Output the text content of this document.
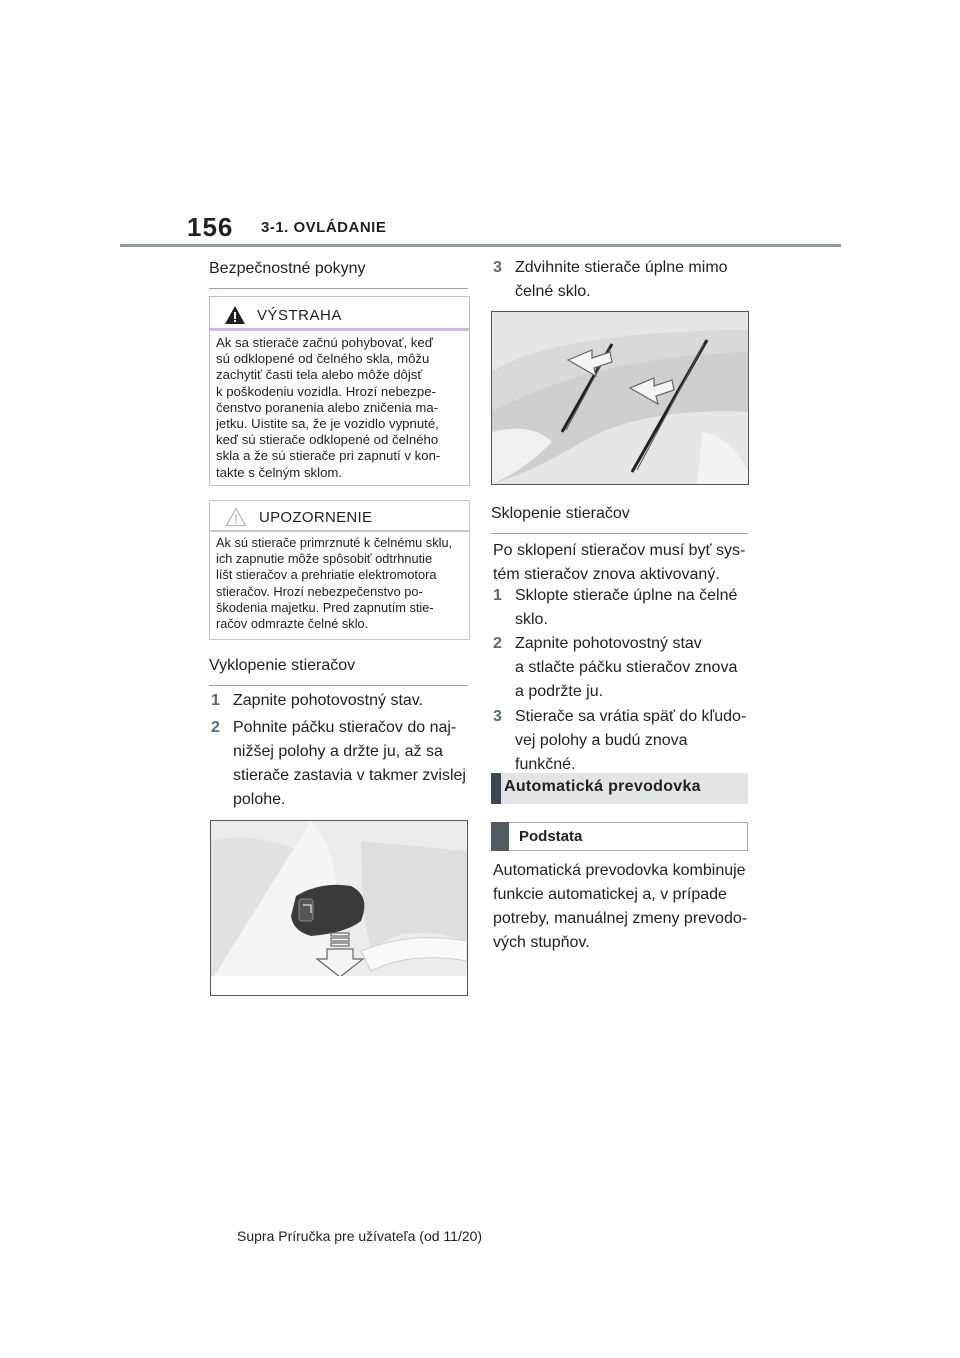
156 3-1. OVLÁDANIE
Bezpečnostné pokyny
VÝSTRAHA
Ak sa stierače začnú pohybovať, keď
sú odklopené od čelného skla, môžu
zachytiť časti tela alebo môže dôjsť
k poškodeniu vozidla. Hrozí nebezpe-
čenstvo poranenia alebo zničenia ma-
jetku. Uistite sa, že je vozidlo vypnuté,
keď sú stierače odklopené od čelného
skla a že sú stierače pri zapnutí v kon-
takte s čelným sklom.
UPOZORNENIE
Ak sú stierače primrznuté k čelnému sklu,
ich zapnutie môže spôsobiť odtrhnutie
líšt stieračov a prehriatie elektromotora
stieračov. Hrozí nebezpečenstvo po-
škodenia majetku. Pred zapnutím stie-
račov odmrazte čelné sklo.
Vyklopenie stieračov
1 Zapnite pohotovostný stav.
2 Pohnite páčku stieračov do naj-
nižšej polohy a držte ju, až sa
stierače zastavia v takmer zvislej
polohe.
3 Zdvihnite stierače úplne mimo
čelné sklo.
Sklopenie stieračov
Po sklopení stieračov musí byť sys-
tém stieračov znova aktivovaný.
1 Sklopte stierače úplne na čelné
sklo.
2 Zapnite pohotovostný stav
a stlačte páčku stieračov znova
a podržte ju.
3 Stierače sa vrátia späť do kľudo-
vej polohy a budú znova funkčné.
Automatická prevodovka
Podstata
Automatická prevodovka kombinuje
funkcie automatickej a, v prípade
potreby, manuálnej zmeny prevodo-
vých stupňov.
Supra Príručka pre užívateľa (od 11/20)
